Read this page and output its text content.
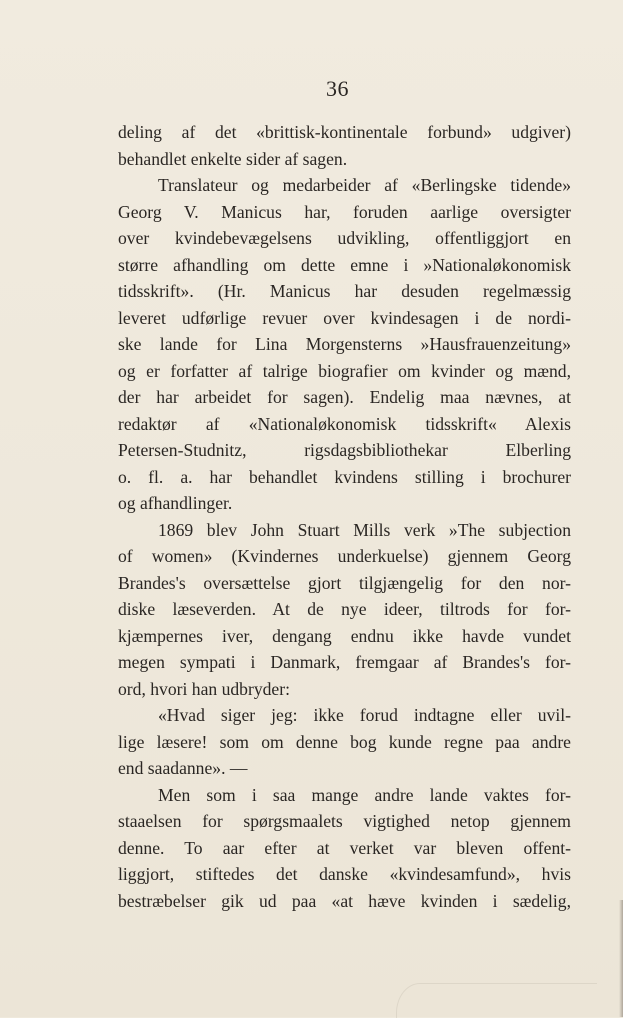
36
deling af det «brittisk-kontinentale forbund» udgiver)
behandlet enkelte sider af sagen.
Translateur og medarbeider af «Berlingske tidende»
Georg V. Manicus har, foruden aarlige oversigter
over kvindebevægelsens udvikling, offentliggjort en
større afhandling om dette emne i »Nationaløkonomisk
tidsskrift». (Hr. Manicus har desuden regelmæssig
leveret udførlige revuer over kvindesagen i de nordi-
ske lande for Lina Morgensterns »Hausfrauenzeitung»
og er forfatter af talrige biografier om kvinder og mænd,
der har arbeidet for sagen). Endelig maa nævnes, at
redaktør af «Nationaløkonomisk tidsskrift« Alexis
Petersen-Studnitz, rigsdagsbibliothekar Elberling
o. fl. a. har behandlet kvindens stilling i brochurer
og afhandlinger.
1869 blev John Stuart Mills verk »The subjection
of women» (Kvindernes underkuelse) gjennem Georg
Brandes's oversættelse gjort tilgjængelig for den nor-
diske læseverden. At de nye ideer, tiltrods for for-
kjæmpernes iver, dengang endnu ikke havde vundet
megen sympati i Danmark, fremgaar af Brandes's for-
ord, hvori han udbryder:
«Hvad siger jeg: ikke forud indtagne eller uvil-
lige læsere! som om denne bog kunde regne paa andre
end saadanne». —
Men som i saa mange andre lande vaktes for-
staaelsen for spørgsmaalets vigtighed netop gjennem
denne. To aar efter at verket var bleven offent-
liggjort, stiftedes det danske «kvindesamfund», hvis
bestræbelser gik ud paa «at hæve kvinden i sædelig,
